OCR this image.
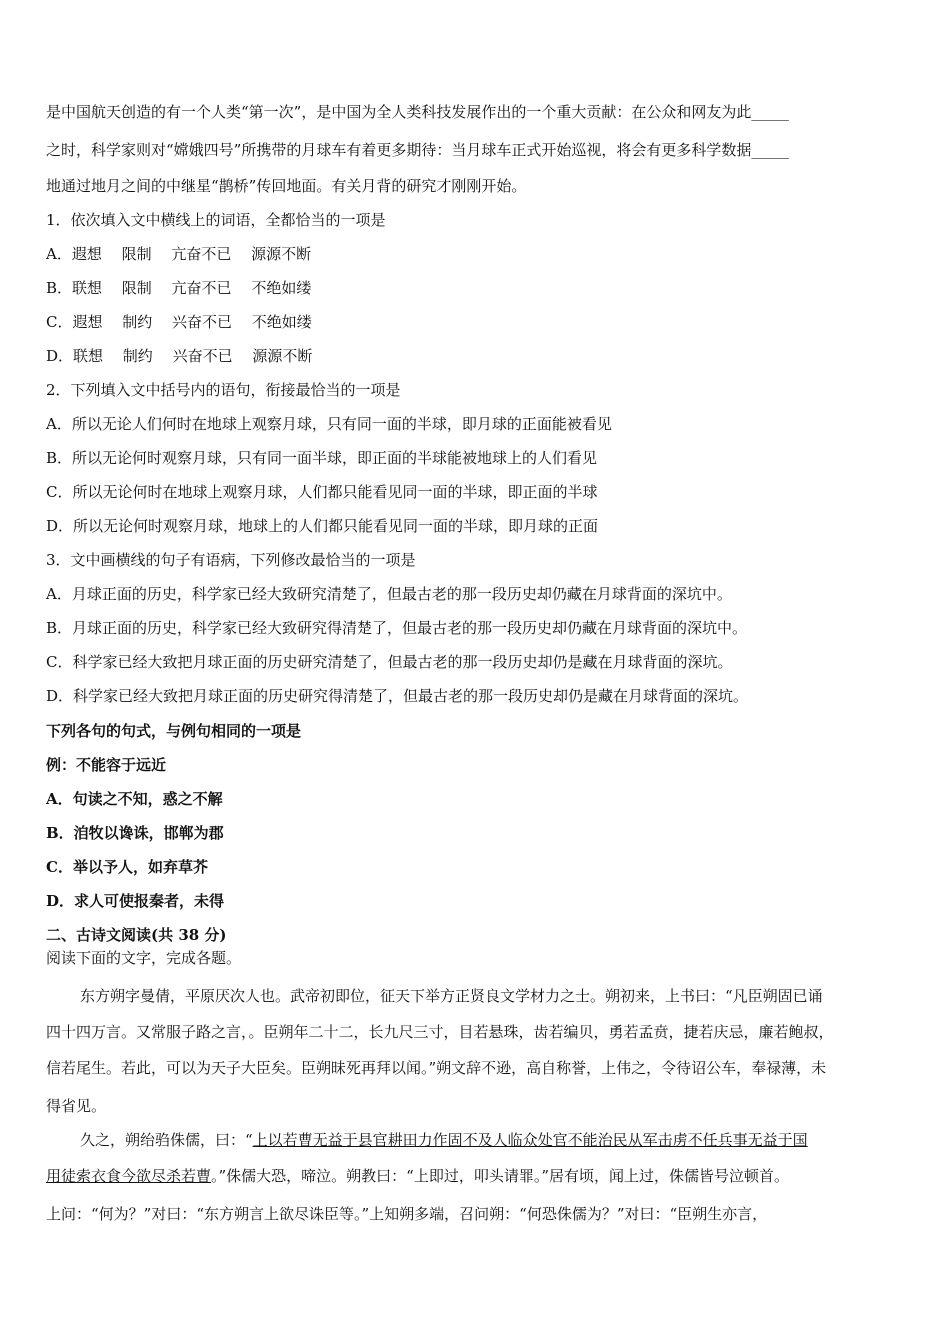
是中国航天创造的有一个人类“第一次”，是中国为全人类科技发展作出的一个重大贡献：在公众和网友为此_____

之时，科学家则对“嫦娥四号”所携带的月球车有着更多期待：当月球车正式开始巡视，将会有更多科学数据_____

地通过地月之间的中继星“鹊桥”传回地面。有关月背的研究才刚刚开始。

1．依次填入文中横线上的词语，全都恰当的一项是

A．遐想　 限制　 亢奋不已　 源源不断

B．联想　 限制　 亢奋不已　 不绝如缕

C．遐想　 制约　 兴奋不已　 不绝如缕

D．联想　 制约　 兴奋不已　 源源不断

2．下列填入文中括号内的语句，衔接最恰当的一项是

A．所以无论人们何时在地球上观察月球，只有同一面的半球，即月球的正面能被看见

B．所以无论何时观察月球，只有同一面半球，即正面的半球能被地球上的人们看见

C．所以无论何时在地球上观察月球，人们都只能看见同一面的半球，即正面的半球

D．所以无论何时观察月球，地球上的人们都只能看见同一面的半球，即月球的正面

3．文中画横线的句子有语病，下列修改最恰当的一项是

A．月球正面的历史，科学家已经大致研究清楚了，但最古老的那一段历史却仍藏在月球背面的深坑中。

B．月球正面的历史，科学家已经大致研究得清楚了，但最古老的那一段历史却仍藏在月球背面的深坑中。

C．科学家已经大致把月球正面的历史研究清楚了，但最古老的那一段历史却仍是藏在月球背面的深坑。

D．科学家已经大致把月球正面的历史研究得清楚了，但最古老的那一段历史却仍是藏在月球背面的深坑。

下列各句的句式，与例句相同的一项是

例：不能容于远近

A．句读之不知，惑之不解

B．洎牧以谗诛，邯郸为郡

C．举以予人，如弃草芥

D．求人可使报秦者，未得

二、古诗文阅读(共 38 分)

阅读下面的文字，完成各题。

东方朔字曼倩，平原厌次人也。武帝初即位，征天下举方正贤良文学材力之士。朔初来，上书曰：“凡臣朔固已诵

四十四万言。又常服子路之言，。臣朔年二十二，长九尺三寸，目若悬珠，齿若编贝，勇若孟贲，捷若庆忌，廉若鲍叔，

信若尾生。若此，可以为天子大臣矣。臣朔昧死再拜以闻。”朔文辞不逊，高自称誉，上伟之，令待诏公车，奉禄薄，未

得省见。

久之，朔绐驺侏儒，曰：“上以若曹无益于县官耕田力作固不及人临众处官不能治民从军击虏不任兵事无益于国

用徒索衣食今欲尽杀若曹。”侏儒大恐，啼泣。朔教曰：“上即过，叩头请罪。”居有顷，闻上过，侏儒皆号泣顿首。

上问：“何为？”对曰：“东方朔言上欲尽诛臣等。”上知朔多端，召问朔：“何恐侏儒为？”对曰：“臣朔生亦言，
